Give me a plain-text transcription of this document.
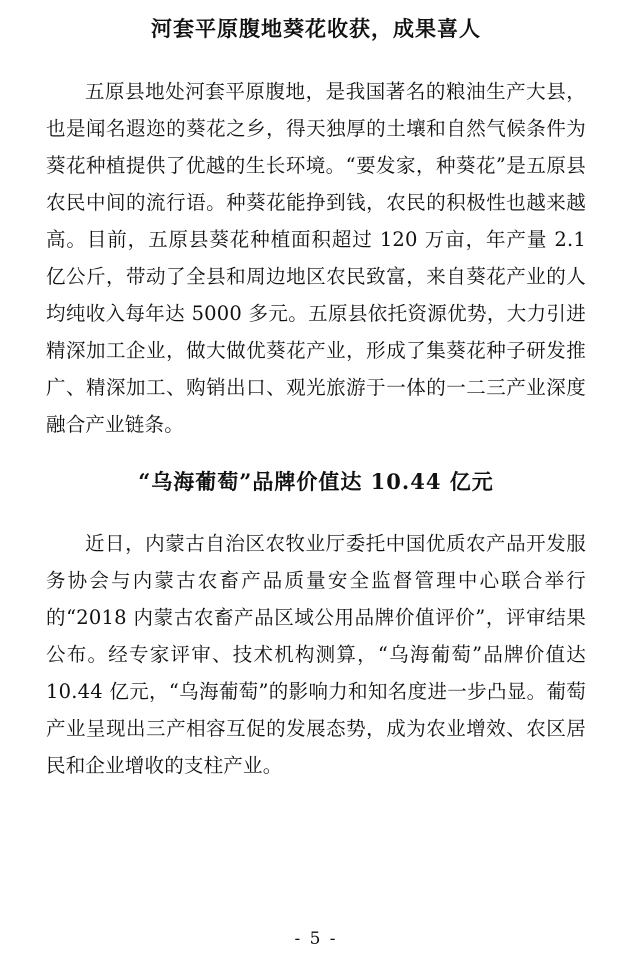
河套平原腹地葵花收获，成果喜人

五原县地处河套平原腹地，是我国著名的粮油生产大县，也是闻名遐迩的葵花之乡，得天独厚的土壤和自然气候条件为葵花种植提供了优越的生长环境。“要发家，种葵花”是五原县农民中间的流行语。种葵花能挣到钱，农民的积极性也越来越高。目前，五原县葵花种植面积超过 120 万亩，年产量 2.1 亿公斤，带动了全县和周边地区农民致富，来自葵花产业的人均纯收入每年达 5000 多元。五原县依托资源优势，大力引进精深加工企业，做大做优葵花产业，形成了集葵花种子研发推广、精深加工、购销出口、观光旅游于一体的一二三产业深度融合产业链条。

“乌海葡萄”品牌价值达 10.44 亿元

近日，内蒙古自治区农牧业厅委托中国优质农产品开发服务协会与内蒙古农畜产品质量安全监督管理中心联合举行的“2018 内蒙古农畜产品区域公用品牌价值评价”，评审结果公布。经专家评审、技术机构测算，“乌海葡萄”品牌价值达 10.44 亿元，“乌海葡萄”的影响力和知名度进一步凸显。葡萄产业呈现出三产相容互促的发展态势，成为农业增效、农区居民和企业增收的支柱产业。

- 5 -
